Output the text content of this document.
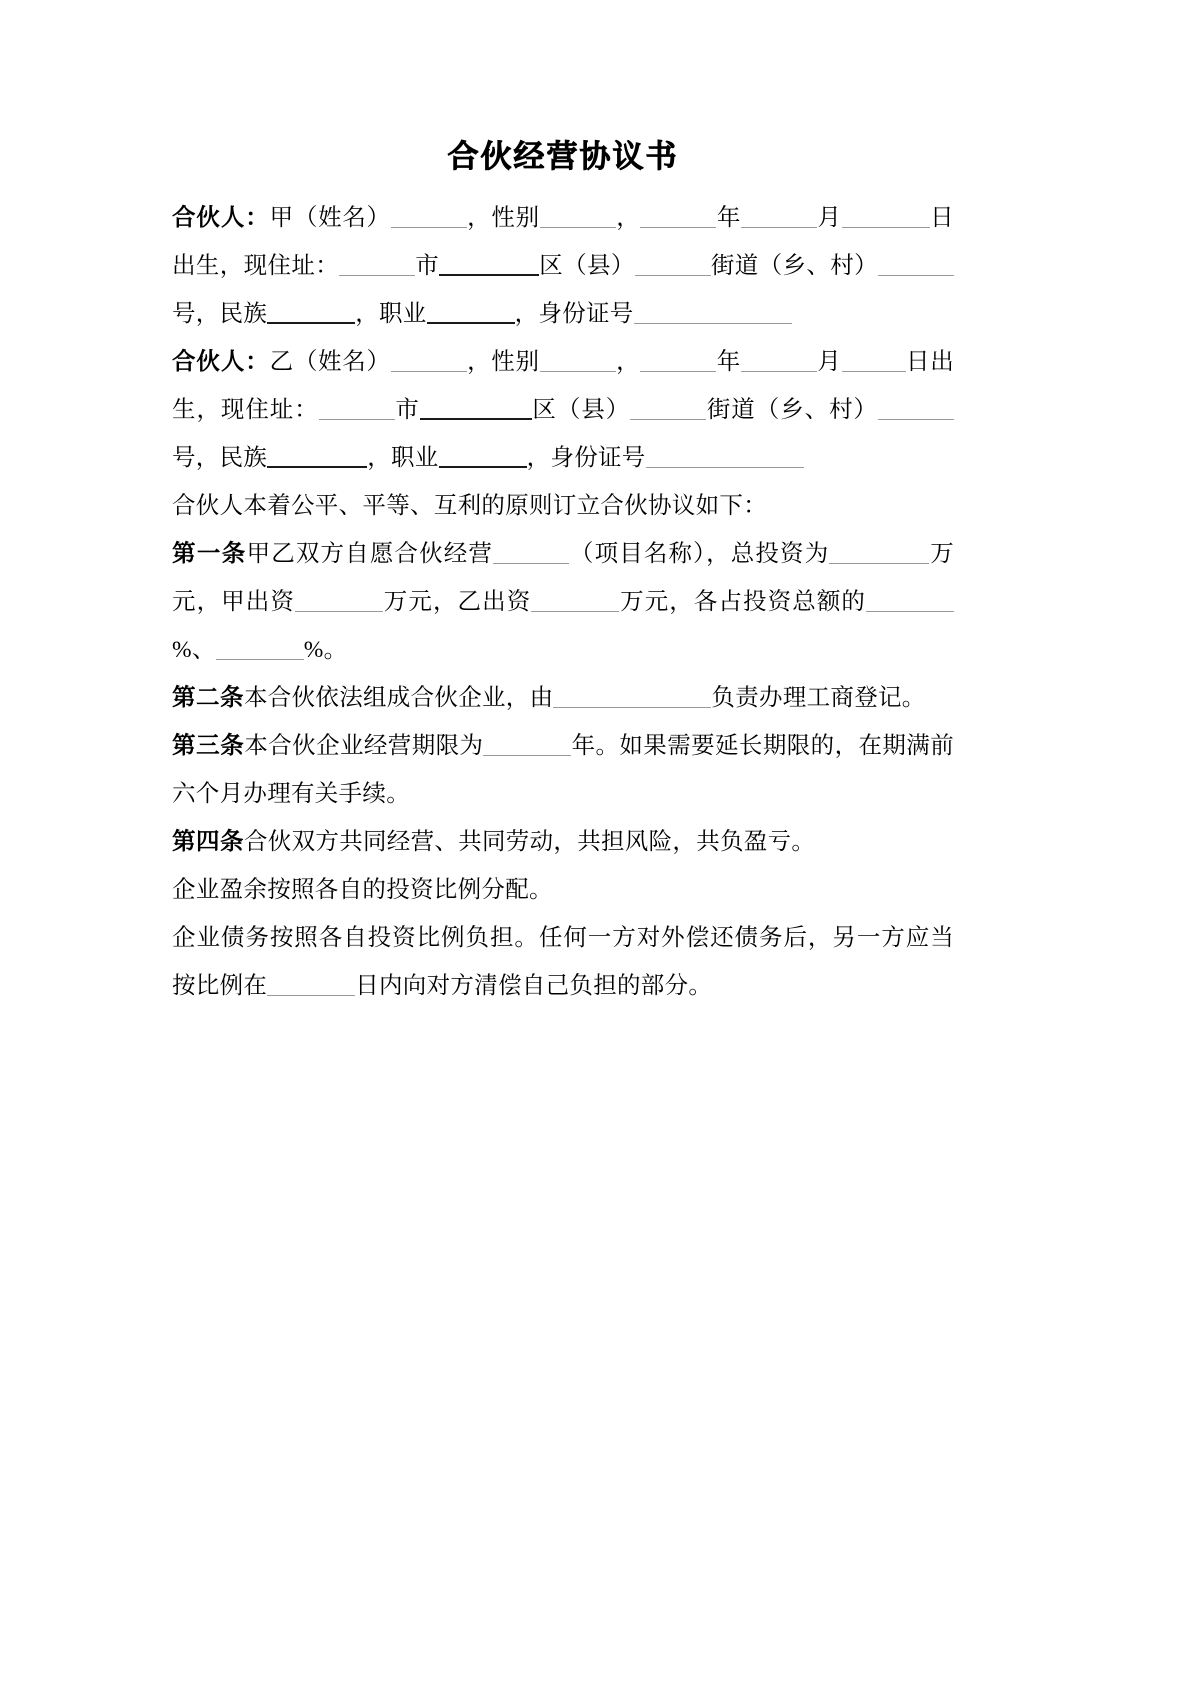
合伙经营协议书

合伙人：甲（姓名）	，性别	，	年	月	日出生，现住址：	市	区（县）	街道（乡、村）号，民族	，职业	，身份证号

合伙人：乙（姓名）	，性别	，	年	月	日出生，现住址：	市	区（县）	街道（乡、村）号，民族	，职业	，身份证号

合伙人本着公平、平等、互利的原则订立合伙协议如下：

第一条甲乙双方自愿合伙经营	（项目名称），总投资为	万元，甲出资	万元，乙出资	万元，各占投资总额的%、	%。

第二条本合伙依法组成合伙企业，由	负责办理工商登记。

第三条本合伙企业经营期限为	年。如果需要延长期限的，在期满前六个月办理有关手续。

第四条合伙双方共同经营、共同劳动，共担风险，共负盈亏。

企业盈余按照各自的投资比例分配。

企业债务按照各自投资比例负担。任何一方对外偿还债务后，另一方应当按比例在	日内向对方清偿自己负担的部分。
